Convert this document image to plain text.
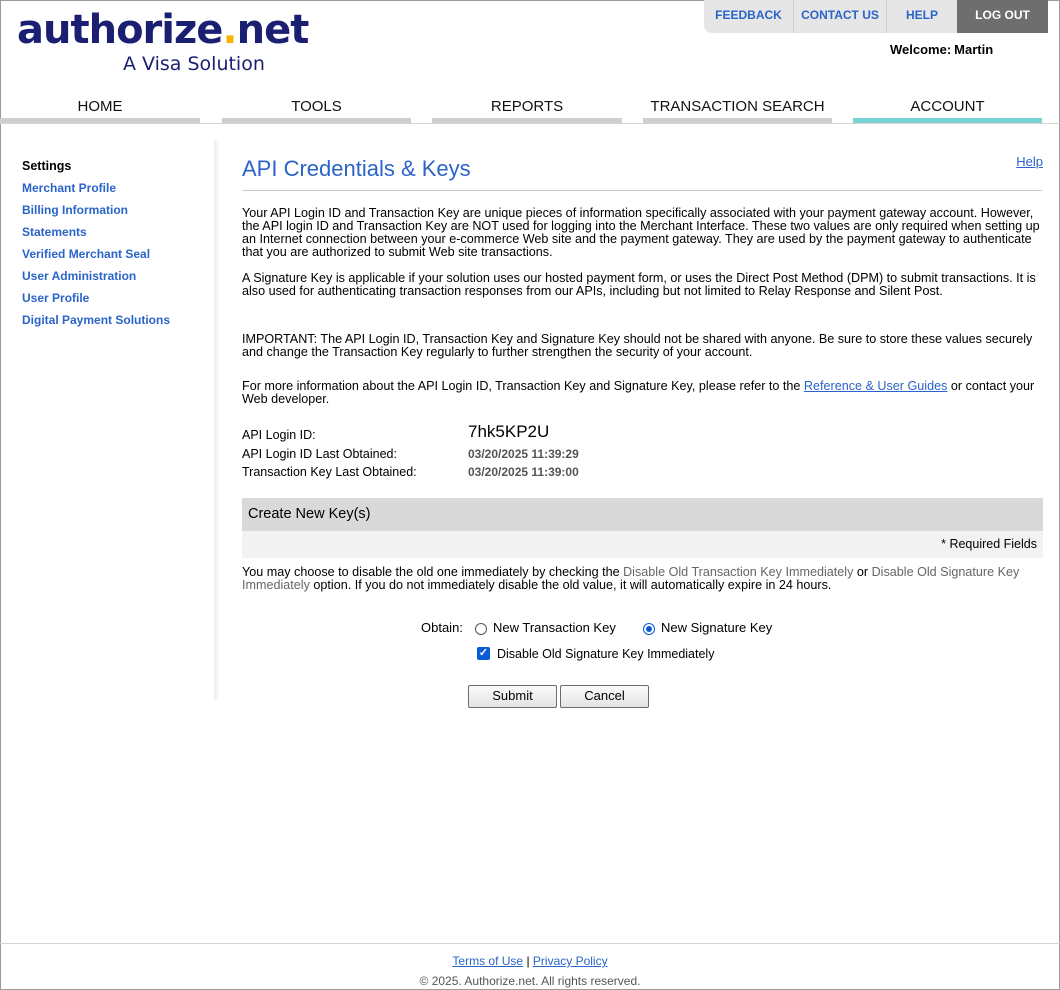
authorize.net
A Visa Solution
FEEDBACK	CONTACT US	HELP	LOG OUT
Welcome: Martin
HOME	TOOLS	REPORTS	TRANSACTION SEARCH	ACCOUNT
Settings
Merchant Profile
Billing Information
Statements
Verified Merchant Seal
User Administration
User Profile
Digital Payment Solutions
API Credentials & Keys	Help
Your API Login ID and Transaction Key are unique pieces of information specifically associated with your payment gateway account. However, the API login ID and Transaction Key are NOT used for logging into the Merchant Interface. These two values are only required when setting up an Internet connection between your e-commerce Web site and the payment gateway. They are used by the payment gateway to authenticate that you are authorized to submit Web site transactions.
A Signature Key is applicable if your solution uses our hosted payment form, or uses the Direct Post Method (DPM) to submit transactions. It is also used for authenticating transaction responses from our APIs, including but not limited to Relay Response and Silent Post.
IMPORTANT: The API Login ID, Transaction Key and Signature Key should not be shared with anyone. Be sure to store these values securely and change the Transaction Key regularly to further strengthen the security of your account.
For more information about the API Login ID, Transaction Key and Signature Key, please refer to the Reference & User Guides or contact your Web developer.
API Login ID:	7hk5KP2U
API Login ID Last Obtained:	03/20/2025 11:39:29
Transaction Key Last Obtained:	03/20/2025 11:39:00
Create New Key(s)
* Required Fields
You may choose to disable the old one immediately by checking the Disable Old Transaction Key Immediately or Disable Old Signature Key Immediately option. If you do not immediately disable the old value, it will automatically expire in 24 hours.
Obtain: New Transaction Key	New Signature Key
✓ Disable Old Signature Key Immediately
Submit	Cancel
Terms of Use | Privacy Policy
© 2025. Authorize.net. All rights reserved.
